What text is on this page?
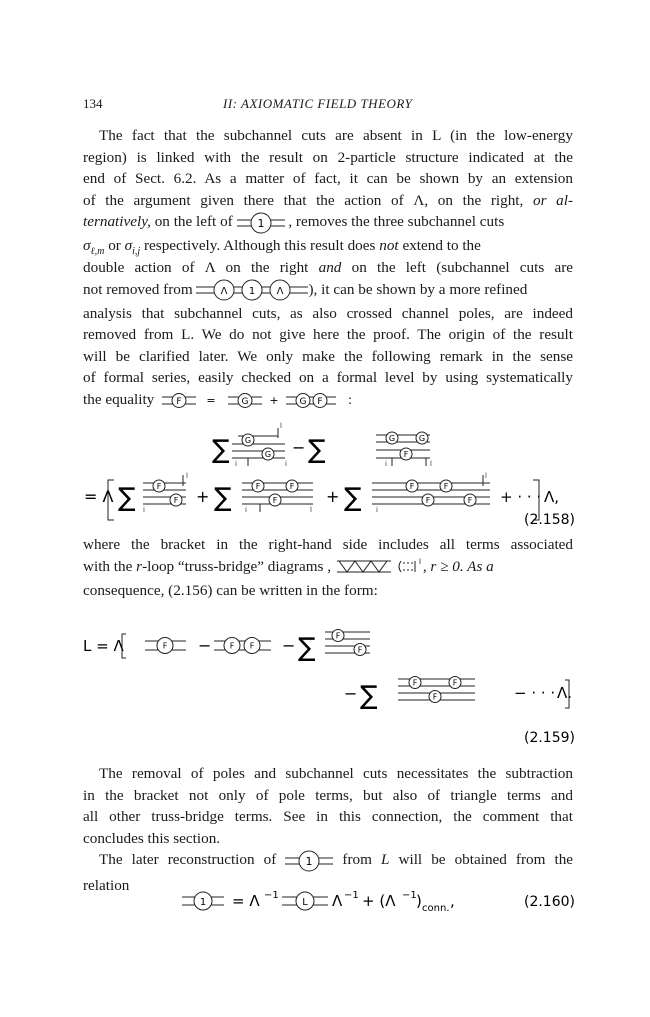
134	II: AXIOMATIC FIELD THEORY
The fact that the subchannel cuts are absent in L (in the low-energy
region) is linked with the result on 2-particle structure indicated at the
end of Sect. 6.2. As a matter of fact, it can be shown by an extension
of the argument given there that the action of Λ, on the right, or al-
ternatively, on the left of 1 , removes the three subchannel cuts
$\sigma_{\ell,m}$ or $\sigma_{i,j}$ respectively. Although this result does not extend to the
double action of Λ on the right and on the left (subchannel cuts are
not removed from	Λ 1 Λ ), it can be shown by a more refined
analysis that subchannel cuts, as also crossed channel poles, are indeed
removed from L. We do not give here the proof. The origin of the result
will be clarified later. We only make the following remark in the sense
of formal series, easily checked on a formal level by using systematically
the equality F =	G + G F :
G
G
G	G
F
F
F
F	F
F
F	F
F	F
l
i	i	i	l
l
i	i	l
l
i
∑	− ∑
= Λ ∑	+ ∑	+ ∑	+ · · · Λ,
(2.158)
where the bracket in the right-hand side includes all terms associated
with the r-loop “truss-bridge” diagrams ,	l , r ≥ 0. As a
consequence, (2.156) can be written in the form:
F	F F
F
F
F	F
F
L = Λ	−	− ∑
− ∑	− · · · Λ.
(2.159)
The removal of poles and subchannel cuts necessitates the subtraction
in the bracket not only of pole terms, but also of triangle terms and
all other truss-bridge terms. See in this connection, the comment that
concludes this section.
The later reconstruction of	1 from L will be obtained from the
relation
1	L
= Λ −1	Λ −1 + (Λ −1 ) conn. ,	(2.160)
